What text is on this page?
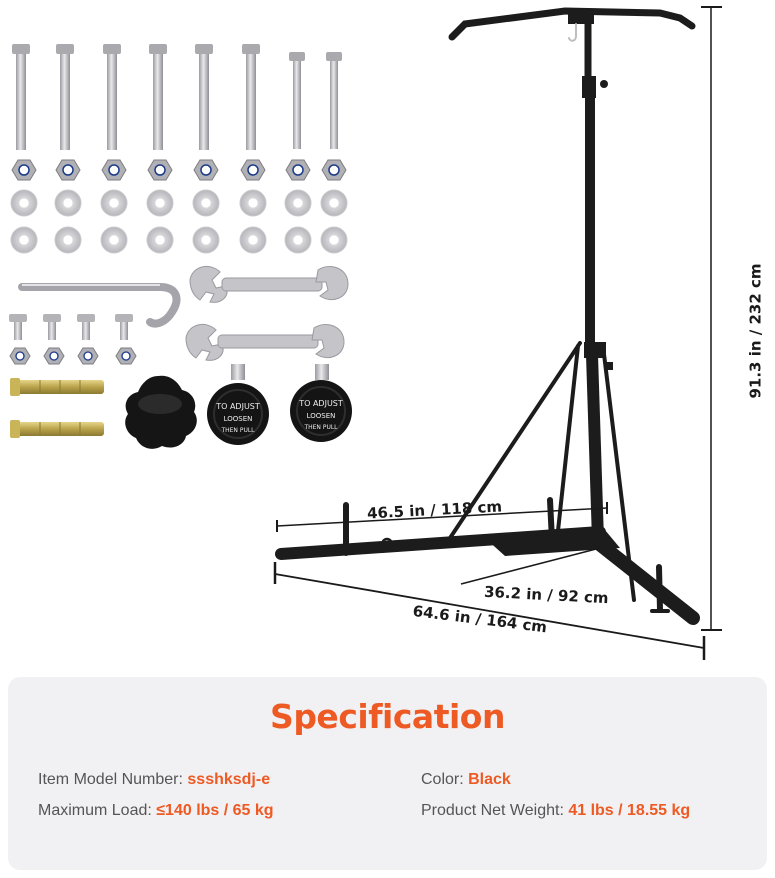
TO ADJUST
LOOSEN
THEN PULL
TO ADJUST
LOOSEN
THEN PULL
46.5 in / 118 cm
36.2 in / 92 cm
64.6 in / 164 cm
91.3 in / 232 cm
Specification
Item Model Number: ssshksdj-e
Maximum Load: ≤140 lbs / 65 kg
Color: Black
Product Net Weight: 41 lbs / 18.55 kg
